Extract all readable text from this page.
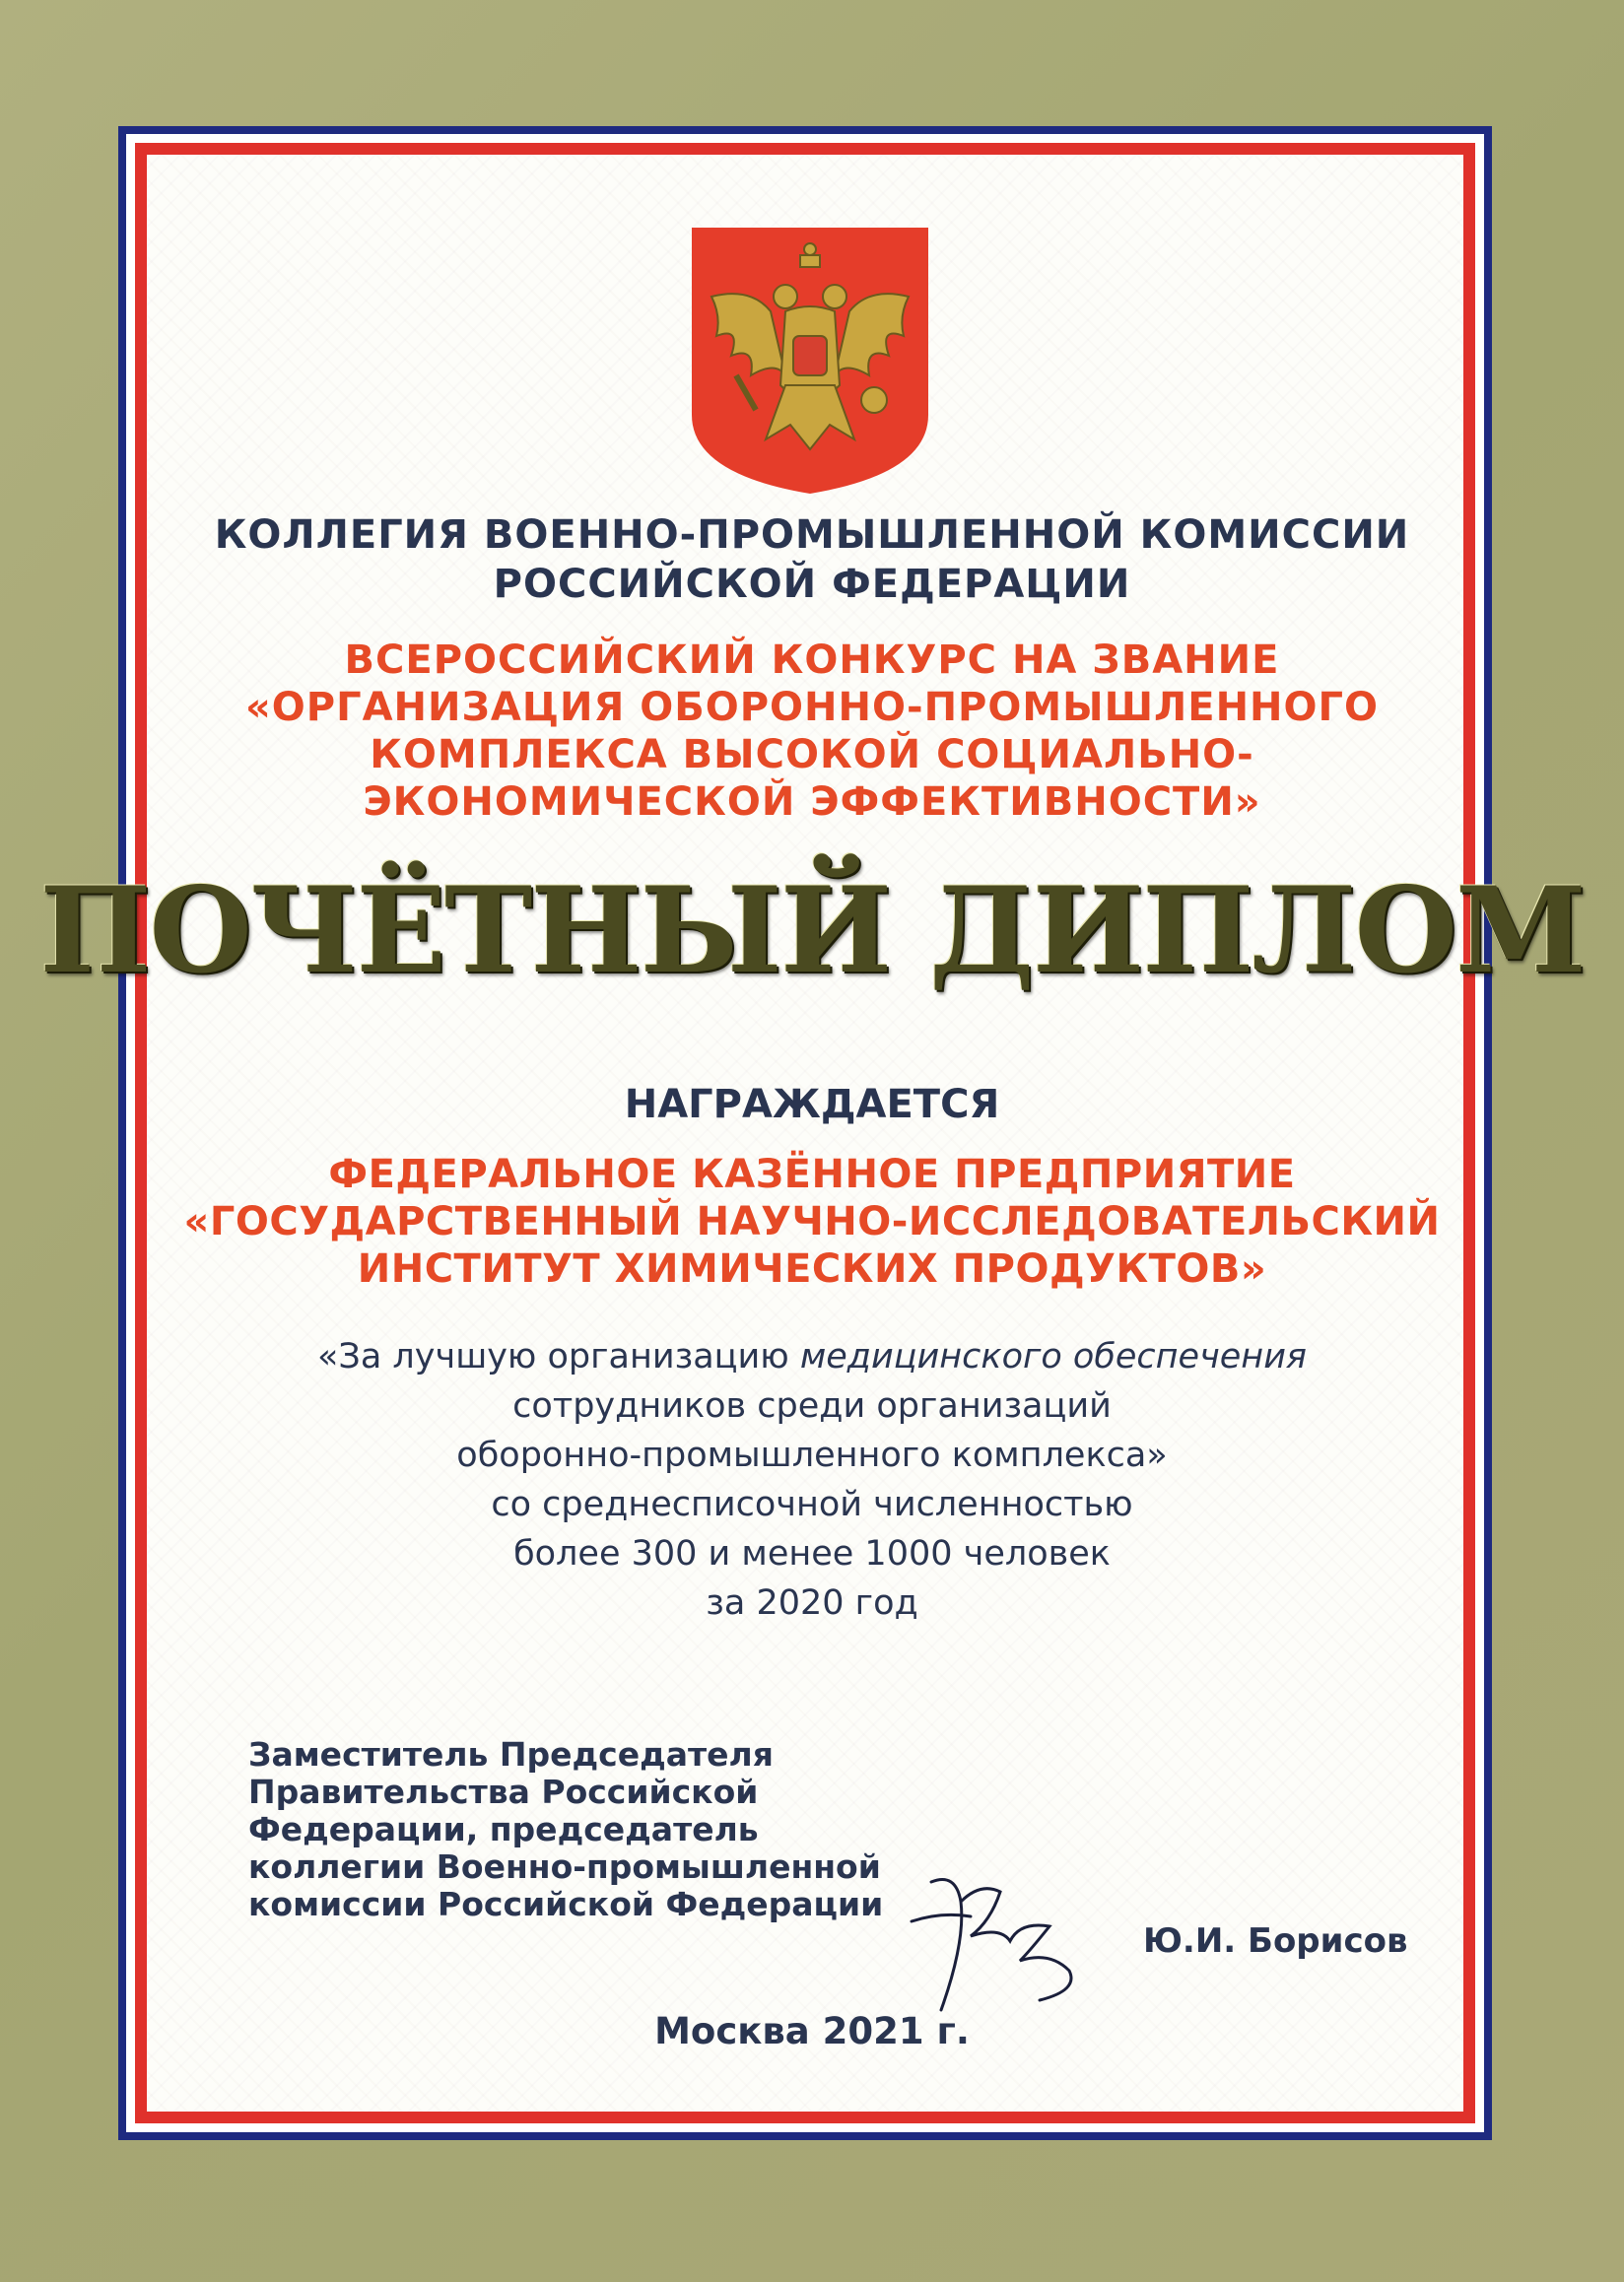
КОЛЛЕГИЯ ВОЕННО-ПРОМЫШЛЕННОЙ КОМИССИИ
РОССИЙСКОЙ ФЕДЕРАЦИИ
ВСЕРОССИЙСКИЙ КОНКУРС НА ЗВАНИЕ
«ОРГАНИЗАЦИЯ ОБОРОННО-ПРОМЫШЛЕННОГО
КОМПЛЕКСА ВЫСОКОЙ СОЦИАЛЬНО-
ЭКОНОМИЧЕСКОЙ ЭФФЕКТИВНОСТИ»
ПОЧЁТНЫЙ ДИПЛОМ
НАГРАЖДАЕТСЯ
ФЕДЕРАЛЬНОЕ КАЗЁННОЕ ПРЕДПРИЯТИЕ
«ГОСУДАРСТВЕННЫЙ НАУЧНО-ИССЛЕДОВАТЕЛЬСКИЙ
ИНСТИТУТ ХИМИЧЕСКИХ ПРОДУКТОВ»
«За лучшую организацию медицинского обеспечения
сотрудников среди организаций
оборонно-промышленного комплекса»
со среднесписочной численностью
более 300 и менее 1000 человек
за 2020 год
Заместитель Председателя
Правительства Российской
Федерации, председатель
коллегии Военно-промышленной
комиссии Российской Федерации
Ю.И. Борисов
Москва 2021 г.
